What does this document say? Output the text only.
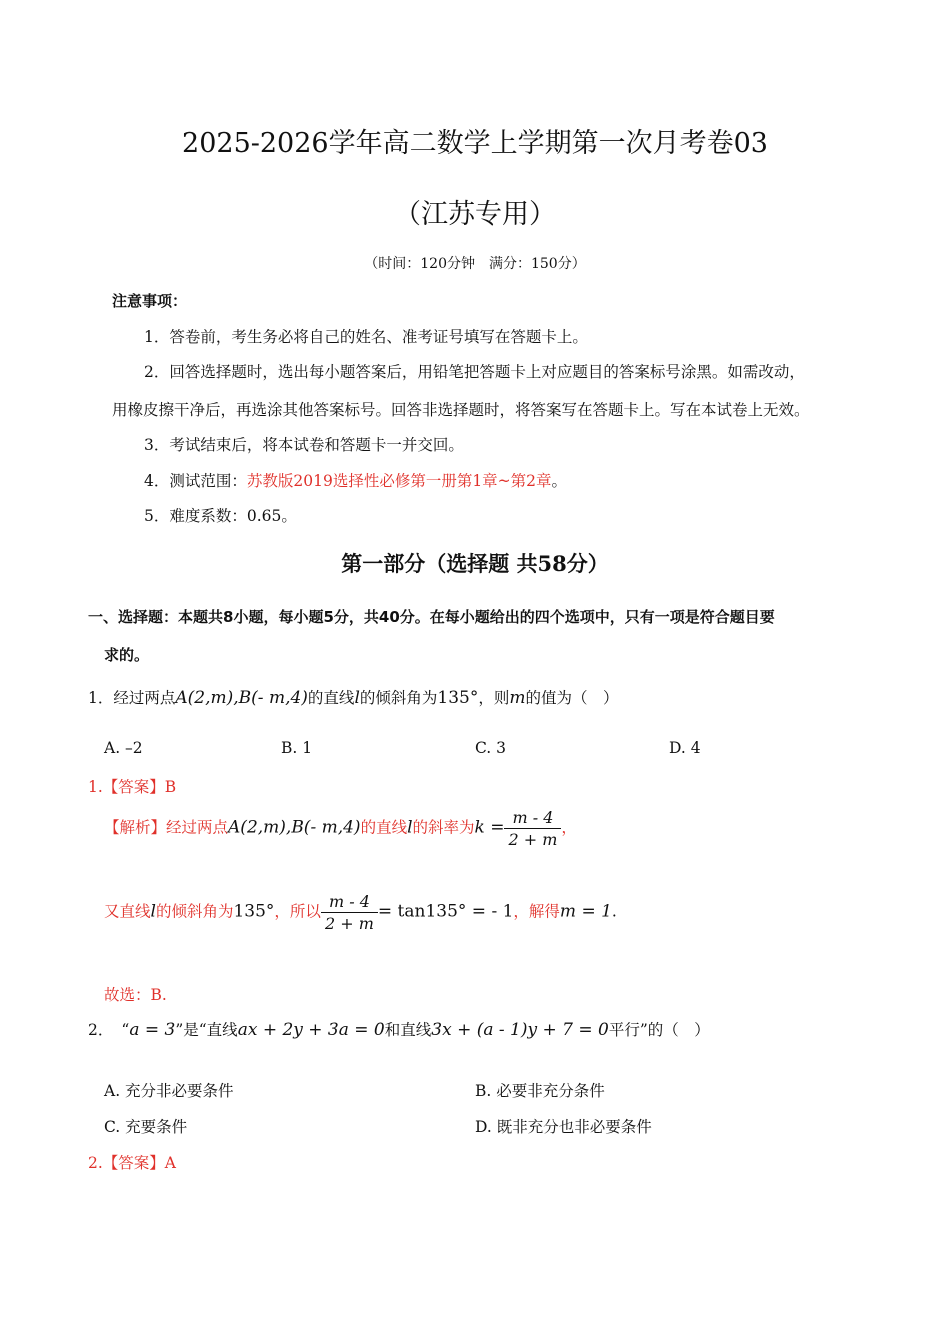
2025-2026学年高二数学上学期第一次月考卷03
（江苏专用）
（时间：120分钟　满分：150分）
注意事项：
1．答卷前，考生务必将自己的姓名、准考证号填写在答题卡上。
2．回答选择题时，选出每小题答案后，用铅笔把答题卡上对应题目的答案标号涂黑。如需改动，
用橡皮擦干净后，再选涂其他答案标号。回答非选择题时，将答案写在答题卡上。写在本试卷上无效。
3．考试结束后，将本试卷和答题卡一并交回。
4．测试范围：苏教版2019选择性必修第一册第1章~第2章。
5．难度系数：0.65。
第一部分（选择题 共58分）
一、选择题：本题共8小题，每小题5分，共40分。在每小题给出的四个选项中，只有一项是符合题目要
求的。
1．经过两点A(2,m),B(- m,4)的直线l的倾斜角为135°，则m的值为（　）
A. –2	B. 1	C. 3	D. 4
1.【答案】B
【解析】经过两点A(2,m),B(- m,4)的直线l的斜率为$k = \frac{m - 4}{2 + m}$ ，
又直线l的倾斜角为135°，所以 $\frac{m - 4}{2 + m} = \tan 135^\circ$ = - 1，解得m = 1.
故选：B.
2． “a = 3”是“直线ax + 2y + 3a = 0和直线3x + (a - 1)y + 7 = 0平行”的（　）
A. 充分非必要条件	B. 必要非充分条件
C. 充要条件	D. 既非充分也非必要条件
2.【答案】A
